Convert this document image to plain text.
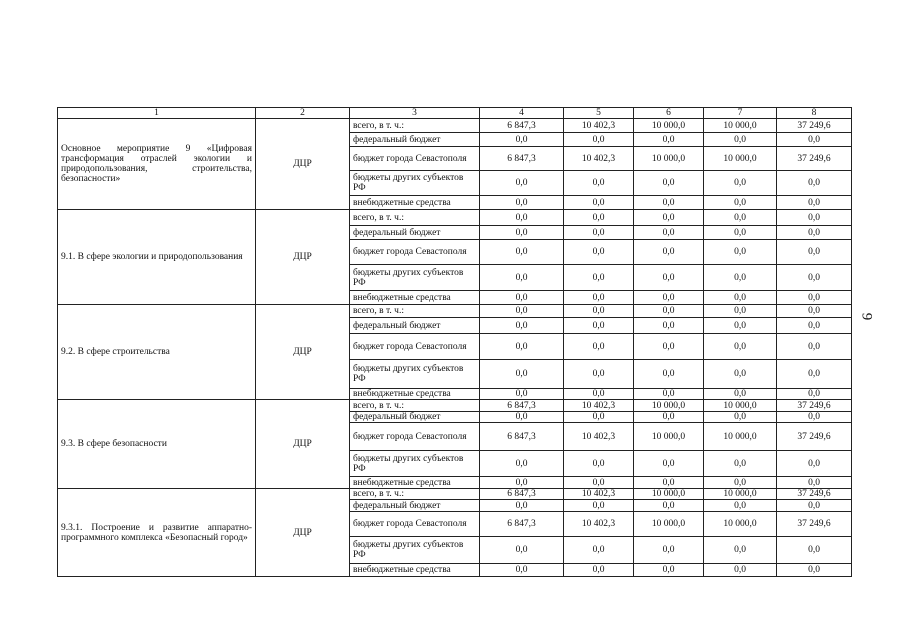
1	2	3	4	5	6	7	8
Основное мероприятие 9 «Цифровая трансформация отраслей экологии и природопользования, строительства, безопасности»	ДЦР	всего, в т. ч.:	6 847,3	10 402,3	10 000,0	10 000,0	37 249,6
		федеральный бюджет	0,0	0,0	0,0	0,0	0,0
		бюджет города Севастополя	6 847,3	10 402,3	10 000,0	10 000,0	37 249,6
		бюджеты других субъектов РФ	0,0	0,0	0,0	0,0	0,0
		внебюджетные средства	0,0	0,0	0,0	0,0	0,0
9.1. В сфере экологии и природопользования	ДЦР	всего, в т. ч.:	0,0	0,0	0,0	0,0	0,0
		федеральный бюджет	0,0	0,0	0,0	0,0	0,0
		бюджет города Севастополя	0,0	0,0	0,0	0,0	0,0
		бюджеты других субъектов РФ	0,0	0,0	0,0	0,0	0,0
		внебюджетные средства	0,0	0,0	0,0	0,0	0,0
9.2. В сфере строительства	ДЦР	всего, в т. ч.:	0,0	0,0	0,0	0,0	0,0
		федеральный бюджет	0,0	0,0	0,0	0,0	0,0
		бюджет города Севастополя	0,0	0,0	0,0	0,0	0,0
		бюджеты других субъектов РФ	0,0	0,0	0,0	0,0	0,0
		внебюджетные средства	0,0	0,0	0,0	0,0	0,0
9.3. В сфере безопасности	ДЦР	всего, в т. ч.:	6 847,3	10 402,3	10 000,0	10 000,0	37 249,6
		федеральный бюджет	0,0	0,0	0,0	0,0	0,0
		бюджет города Севастополя	6 847,3	10 402,3	10 000,0	10 000,0	37 249,6
		бюджеты других субъектов РФ	0,0	0,0	0,0	0,0	0,0
		внебюджетные средства	0,0	0,0	0,0	0,0	0,0
9.3.1. Построение и развитие аппаратно-программного комплекса «Безопасный город»	ДЦР	всего, в т. ч.:	6 847,3	10 402,3	10 000,0	10 000,0	37 249,6
		федеральный бюджет	0,0	0,0	0,0	0,0	0,0
		бюджет города Севастополя	6 847,3	10 402,3	10 000,0	10 000,0	37 249,6
		бюджеты других субъектов РФ	0,0	0,0	0,0	0,0	0,0
		внебюджетные средства	0,0	0,0	0,0	0,0	0,0
9
